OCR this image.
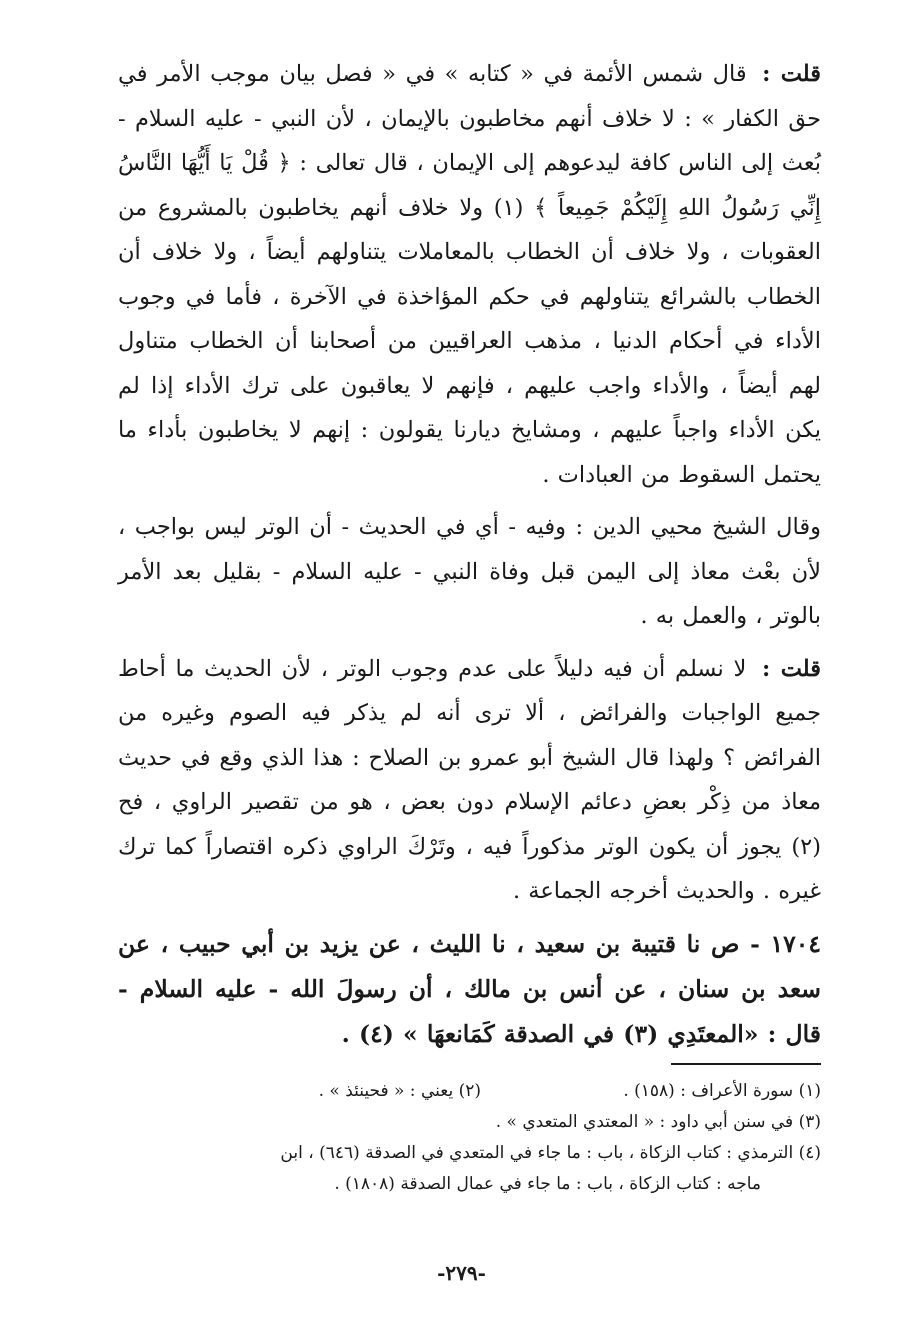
قلت : قال شمس الأئمة في « كتابه » في « فصل بيان موجب الأمر في حق الكفار » : لا خلاف أنهم مخاطبون بالإيمان ، لأن النبي - عليه السلام - بُعث إلى الناس كافة ليدعوهم إلى الإيمان ، قال تعالى : ﴿ قُلْ يَا أَيُّهَا النَّاسُ إِنِّي رَسُولُ اللهِ إِلَيْكُمْ جَمِيعاً ﴾ (١) ولا خلاف أنهم يخاطبون بالمشروع من العقوبات ، ولا خلاف أن الخطاب بالمعاملات يتناولهم أيضاً ، ولا خلاف أن الخطاب بالشرائع يتناولهم في حكم المؤاخذة في الآخرة ، فأما في وجوب الأداء في أحكام الدنيا ، مذهب العراقيين من أصحابنا أن الخطاب متناول لهم أيضاً ، والأداء واجب عليهم ، فإنهم لا يعاقبون على ترك الأداء إذا لم يكن الأداء واجباً عليهم ، ومشايخ ديارنا يقولون : إنهم لا يخاطبون بأداء ما يحتمل السقوط من العبادات .

وقال الشيخ محيي الدين : وفيه - أي في الحديث - أن الوتر ليس بواجب ، لأن بعْث معاذ إلى اليمن قبل وفاة النبي - عليه السلام - بقليل بعد الأمر بالوتر ، والعمل به .

قلت : لا نسلم أن فيه دليلاً على عدم وجوب الوتر ، لأن الحديث ما أحاط جميع الواجبات والفرائض ، ألا ترى أنه لم يذكر فيه الصوم وغيره من الفرائض ؟ ولهذا قال الشيخ أبو عمرو بن الصلاح : هذا الذي وقع في حديث معاذ من ذِكْر بعضِ دعائم الإسلام دون بعض ، هو من تقصير الراوي ، فح (٢) يجوز أن يكون الوتر مذكوراً فيه ، وتَرْكَ الراوي ذكره اقتصاراً كما ترك غيره . والحديث أخرجه الجماعة .

١٧٠٤ - ص نا قتيبة بن سعيد ، نا الليث ، عن يزيد بن أبي حبيب ، عن سعد بن سنان ، عن أنس بن مالك ، أن رسولَ الله - عليه السلام - قال : «المعتَدِي (٣) في الصدقة كَمَانعهَا » (٤) .

(١) سورة الأعراف : (١٥٨) .
(٢) يعني : « فحينئذ » .
(٣) في سنن أبي داود : « المعتدي المتعدي » .
(٤) الترمذي : كتاب الزكاة ، باب : ما جاء في المتعدي في الصدقة (٦٤٦) ، ابن
ماجه : كتاب الزكاة ، باب : ما جاء في عمال الصدقة (١٨٠٨) .
-٢٧٩-
